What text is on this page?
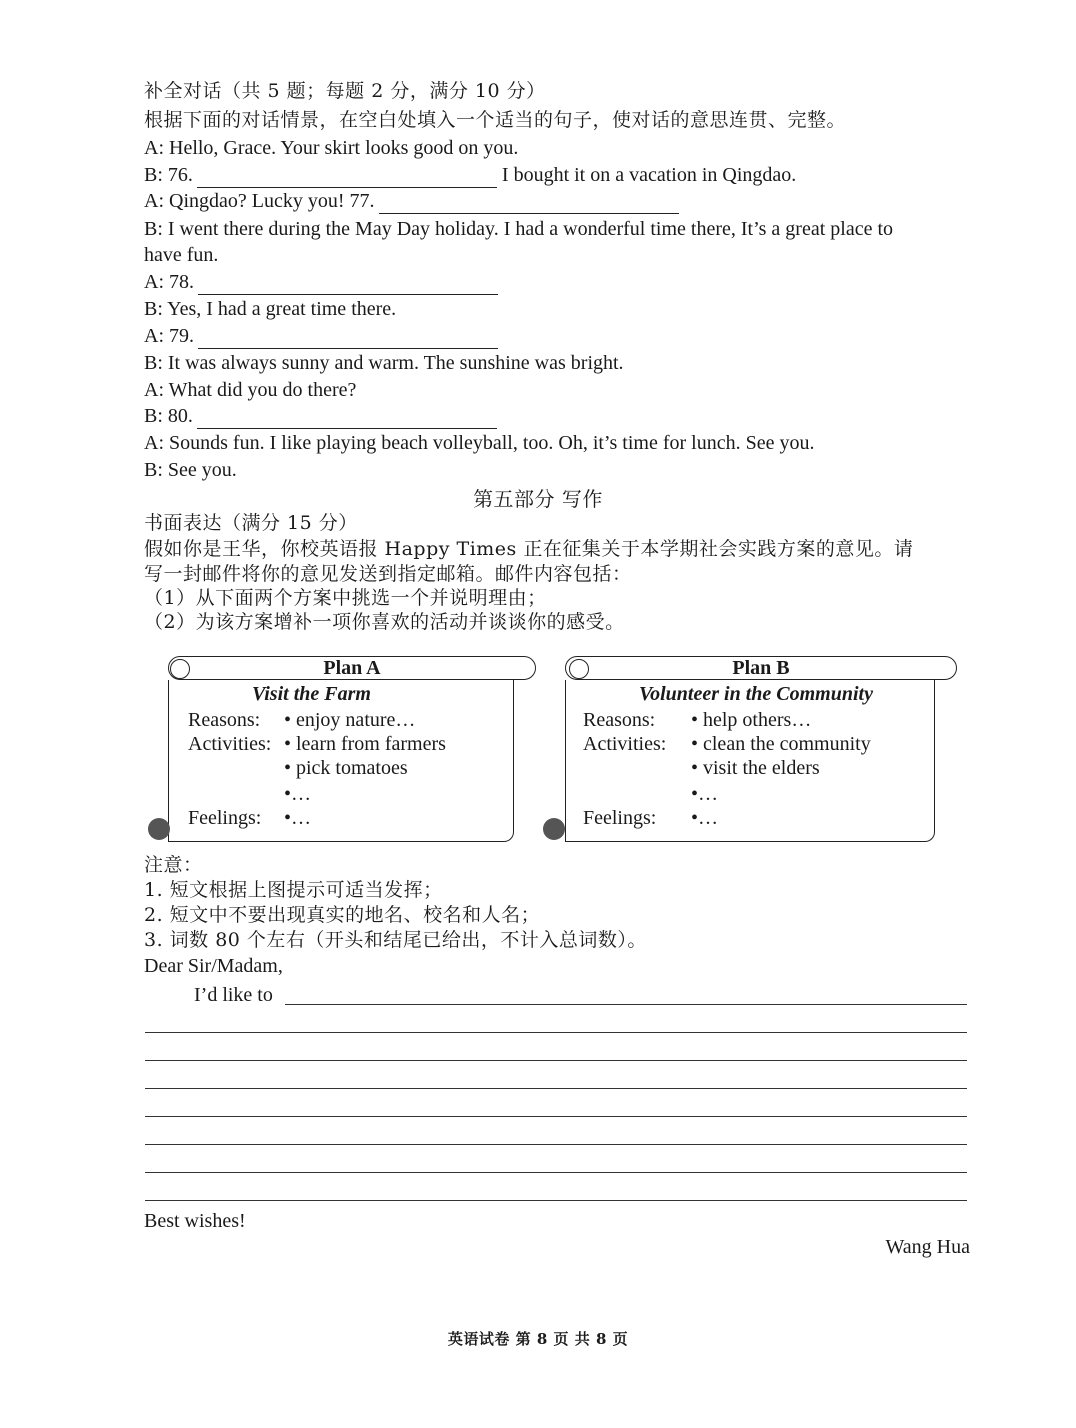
补全对话（共 5 题；每题 2 分，满分 10 分）
根据下面的对话情景，在空白处填入一个适当的句子，使对话的意思连贯、完整。
A: Hello, Grace. Your skirt looks good on you.
B: 76.	I bought it on a vacation in Qingdao.
A: Qingdao? Lucky you! 77.
B: I went there during the May Day holiday. I had a wonderful time there, It’s a great place to
have fun.
A: 78.
B: Yes, I had a great time there.
A: 79.
B: It was always sunny and warm. The sunshine was bright.
A: What did you do there?
B: 80.
A: Sounds fun. I like playing beach volleyball, too. Oh, it’s time for lunch. See you.
B: See you.
第五部分 写作
书面表达（满分 15 分）
假如你是王华，你校英语报 Happy Times 正在征集关于本学期社会实践方案的意见。请
写一封邮件将你的意见发送到指定邮箱。邮件内容包括：
（1）从下面两个方案中挑选一个并说明理由；
（2）为该方案增补一项你喜欢的活动并谈谈你的感受。
Plan A
Visit the Farm
Reasons: • enjoy nature…
Activities: • learn from farmers
• pick tomatoes
•…
Feelings: •…
Plan B
Volunteer in the Community
Reasons: • help others…
Activities: • clean the community
• visit the elders
•…
Feelings: •…
注意：
1. 短文根据上图提示可适当发挥；
2. 短文中不要出现真实的地名、校名和人名；
3. 词数 80 个左右（开头和结尾已给出，不计入总词数）。
Dear Sir/Madam,
I’d like to
Best wishes!
Wang Hua
英语试卷 第 8 页 共 8 页
